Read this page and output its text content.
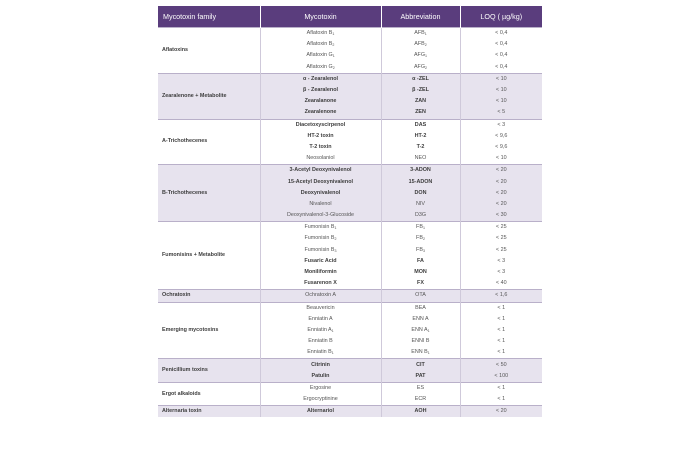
Mycotoxin family	Mycotoxin	Abbreviation	LOQ ( µg/kg)
Aflatoxins	Aflatoxin $B_1$	$AFB_1$	< 0,4
	Aflatoxin $B_2$	$AFB_2$	< 0,4
	Aflatoxin $G_1$	$AFG_1$	< 0,4
	Aflatoxin $G_2$	$AFG_2$	< 0,4
Zearalenone + Metabolite	α - Zearalenol	α -ZEL	< 10
	β - Zearalenol	β -ZEL	< 10
	Zearalanone	ZAN	< 10
	Zearalenone	ZEN	< 5
A-Trichothecenes	Diacetoxyscirpenol	DAS	< 3
	HT-2 toxin	HT-2	< 9,6
	T-2 toxin	T-2	< 9,6
	Neosolaniol	NEO	< 10
B-Trichothecenes	3-Acetyl Deoxynivalenol	3-ADON	< 20
	15-Acetyl Deoxynivalenol	15-ADON	< 20
	Deoxynivalenol	DON	< 20
	Nivalenol	NIV	< 20
	Deoxynivalenol-3-Glucoside	D3G	< 30
Fumonisins + Metabolite	Fumonisin $B_1$	$FB_1$	< 25
	Fumonisin $B_2$	$FB_2$	< 25
	Fumonisin $B_3$	$FB_3$	< 25
	Fusaric Acid	FA	< 3
	Moniliformin	MON	< 3
	Fusarenon X	FX	< 40
Ochratoxin	Ochratoxin A	OTA	< 1,6
Emerging mycotoxins	Beauvericin	BEA	< 1
	Enniatin A	ENN A	< 1
	Enniatin $A_1$	ENN $A_1$	< 1
	Enniatin B	ENNI B	< 1
	Enniatin $B_1$	ENN $B_1$	< 1
Penicillium toxins	Citrinin	CIT	< 50
	Patulin	PAT	< 100
Ergot alkaloids	Ergosine	ES	< 1
	Ergocryptinine	ECR	< 1
Alternaria toxin	Alternariol	AOH	< 20
